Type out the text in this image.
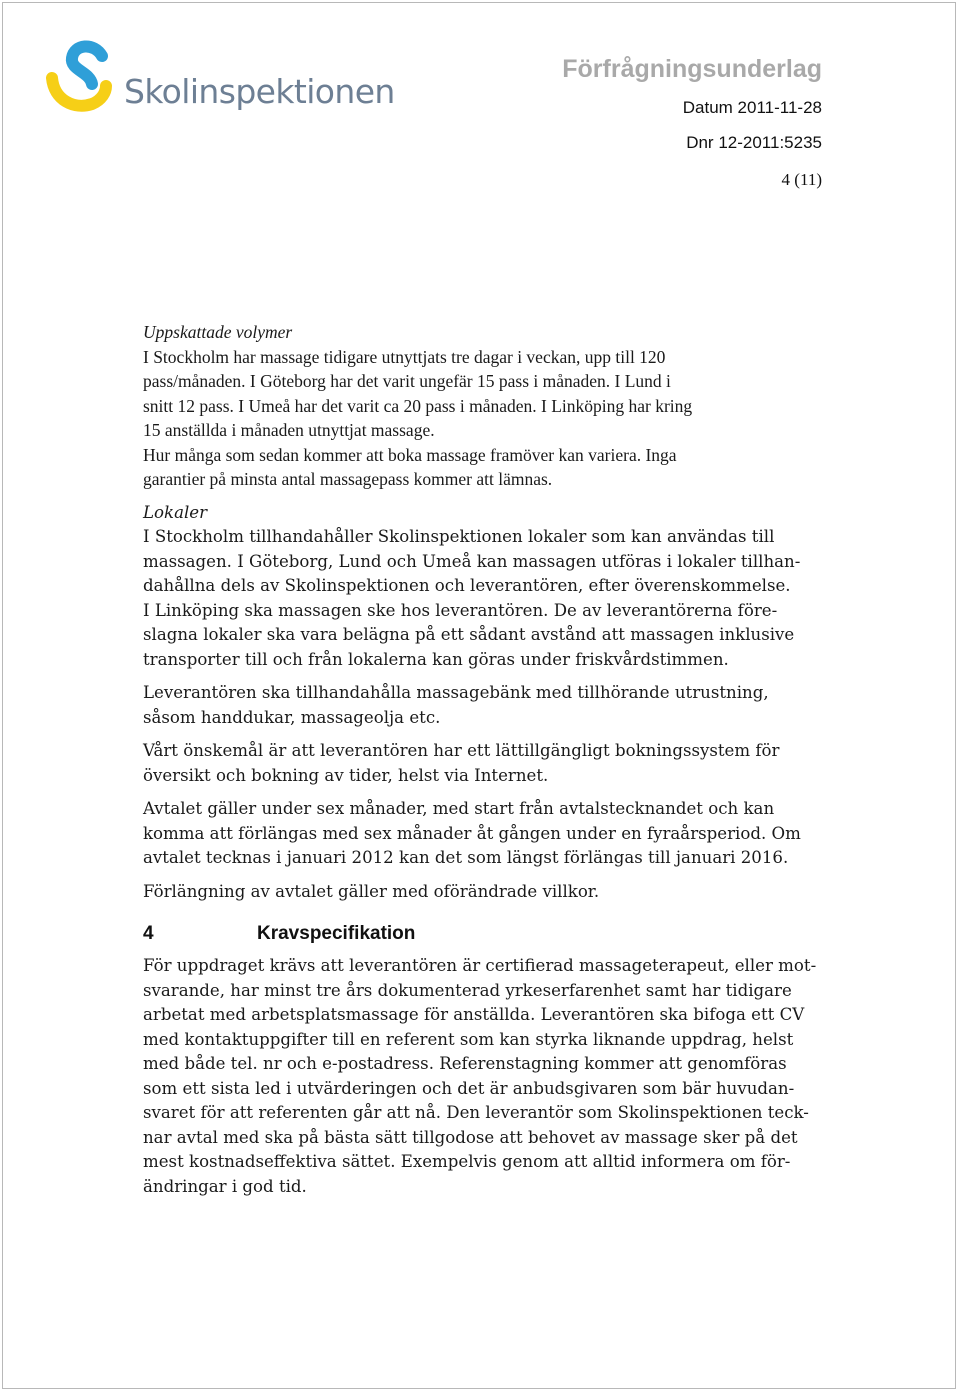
Skolinspektionen
Förfrågningsunderlag
Datum 2011-11-28
Dnr 12-2011:5235
4 (11)

Uppskattade volymer
I Stockholm har massage tidigare utnyttjats tre dagar i veckan, upp till 120
pass/månaden. I Göteborg har det varit ungefär 15 pass i månaden. I Lund i
snitt 12 pass. I Umeå har det varit ca 20 pass i månaden. I Linköping har kring
15 anställda i månaden utnyttjat massage.
Hur många som sedan kommer att boka massage framöver kan variera. Inga
garantier på minsta antal massagepass kommer att lämnas.

Lokaler
I Stockholm tillhandahåller Skolinspektionen lokaler som kan användas till
massagen. I Göteborg, Lund och Umeå kan massagen utföras i lokaler tillhan-
dahållna dels av Skolinspektionen och leverantören, efter överenskommelse.
I Linköping ska massagen ske hos leverantören. De av leverantörerna före-
slagna lokaler ska vara belägna på ett sådant avstånd att massagen inklusive
transporter till och från lokalerna kan göras under friskvårdstimmen.

Leverantören ska tillhandahålla massagebänk med tillhörande utrustning,
såsom handdukar, massageolja etc.

Vårt önskemål är att leverantören har ett lättillgängligt bokningssystem för
översikt och bokning av tider, helst via Internet.

Avtalet gäller under sex månader, med start från avtalstecknandet och kan
komma att förlängas med sex månader åt gången under en fyraårsperiod. Om
avtalet tecknas i januari 2012 kan det som längst förlängas till januari 2016.

Förlängning av avtalet gäller med oförändrade villkor.

4	Kravspecifikation

För uppdraget krävs att leverantören är certifierad massageterapeut, eller mot-
svarande, har minst tre års dokumenterad yrkeserfarenhet samt har tidigare
arbetat med arbetsplatsmassage för anställda. Leverantören ska bifoga ett CV
med kontaktuppgifter till en referent som kan styrka liknande uppdrag, helst
med både tel. nr och e-postadress. Referenstagning kommer att genomföras
som ett sista led i utvärderingen och det är anbudsgivaren som bär huvudan-
svaret för att referenten går att nå. Den leverantör som Skolinspektionen teck-
nar avtal med ska på bästa sätt tillgodose att behovet av massage sker på det
mest kostnadseffektiva sättet. Exempelvis genom att alltid informera om för-
ändringar i god tid.
